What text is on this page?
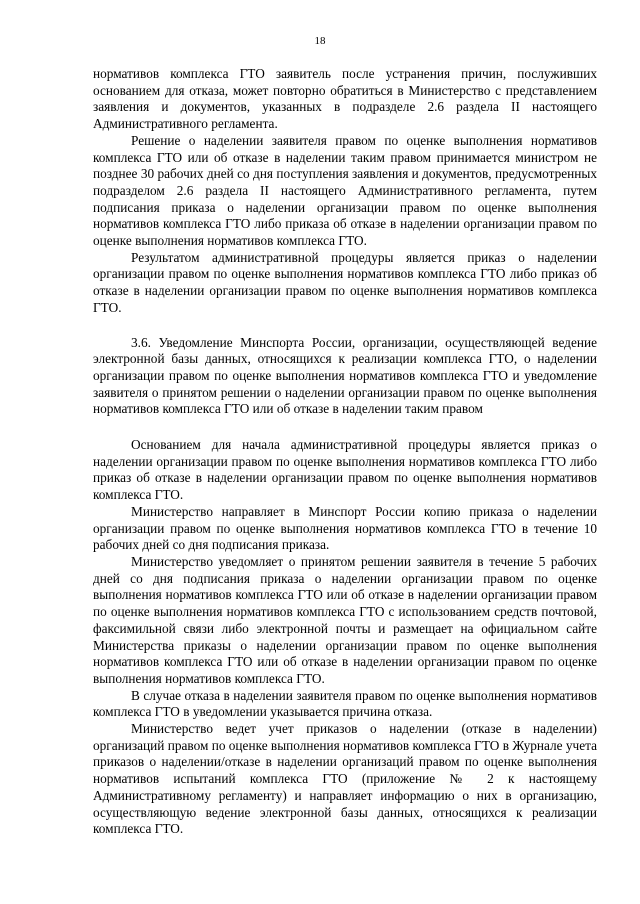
18

нормативов комплекса ГТО заявитель после устранения причин, послуживших основанием для отказа, может повторно обратиться в Министерство с представлением заявления и документов, указанных в подразделе 2.6 раздела II настоящего Административного регламента.

Решение о наделении заявителя правом по оценке выполнения нормативов комплекса ГТО или об отказе в наделении таким правом принимается министром не позднее 30 рабочих дней со дня поступления заявления и документов, предусмотренных подразделом 2.6 раздела II настоящего Административного регламента, путем подписания приказа о наделении организации правом по оценке выполнения нормативов комплекса ГТО либо приказа об отказе в наделении организации правом по оценке выполнения нормативов комплекса ГТО.

Результатом административной процедуры является приказ о наделении организации правом по оценке выполнения нормативов комплекса ГТО либо приказ об отказе в наделении организации правом по оценке выполнения нормативов комплекса ГТО.

3.6. Уведомление Минспорта России, организации, осуществляющей ведение электронной базы данных, относящихся к реализации комплекса ГТО, о наделении организации правом по оценке выполнения нормативов комплекса ГТО и уведомление заявителя о принятом решении о наделении организации правом по оценке выполнения нормативов комплекса ГТО или об отказе в наделении таким правом

Основанием для начала административной процедуры является приказ о наделении организации правом по оценке выполнения нормативов комплекса ГТО либо приказ об отказе в наделении организации правом по оценке выполнения нормативов комплекса ГТО.

Министерство направляет в Минспорт России копию приказа о наделении организации правом по оценке выполнения нормативов комплекса ГТО в течение 10 рабочих дней со дня подписания приказа.

Министерство уведомляет о принятом решении заявителя в течение 5 рабочих дней со дня подписания приказа о наделении организации правом по оценке выполнения нормативов комплекса ГТО или об отказе в наделении организации правом по оценке выполнения нормативов комплекса ГТО с использованием средств почтовой, факсимильной связи либо электронной почты и размещает на официальном сайте Министерства приказы о наделении организации правом по оценке выполнения нормативов комплекса ГТО или об отказе в наделении организации правом по оценке выполнения нормативов комплекса ГТО.

В случае отказа в наделении заявителя правом по оценке выполнения нормативов комплекса ГТО в уведомлении указывается причина отказа.

Министерство ведет учет приказов о наделении (отказе в наделении) организаций правом по оценке выполнения нормативов комплекса ГТО в Журнале учета приказов о наделении/отказе в наделении организаций правом по оценке выполнения нормативов испытаний комплекса ГТО (приложение № 2 к настоящему Административному регламенту) и направляет информацию о них в организацию, осуществляющую ведение электронной базы данных, относящихся к реализации комплекса ГТО.
